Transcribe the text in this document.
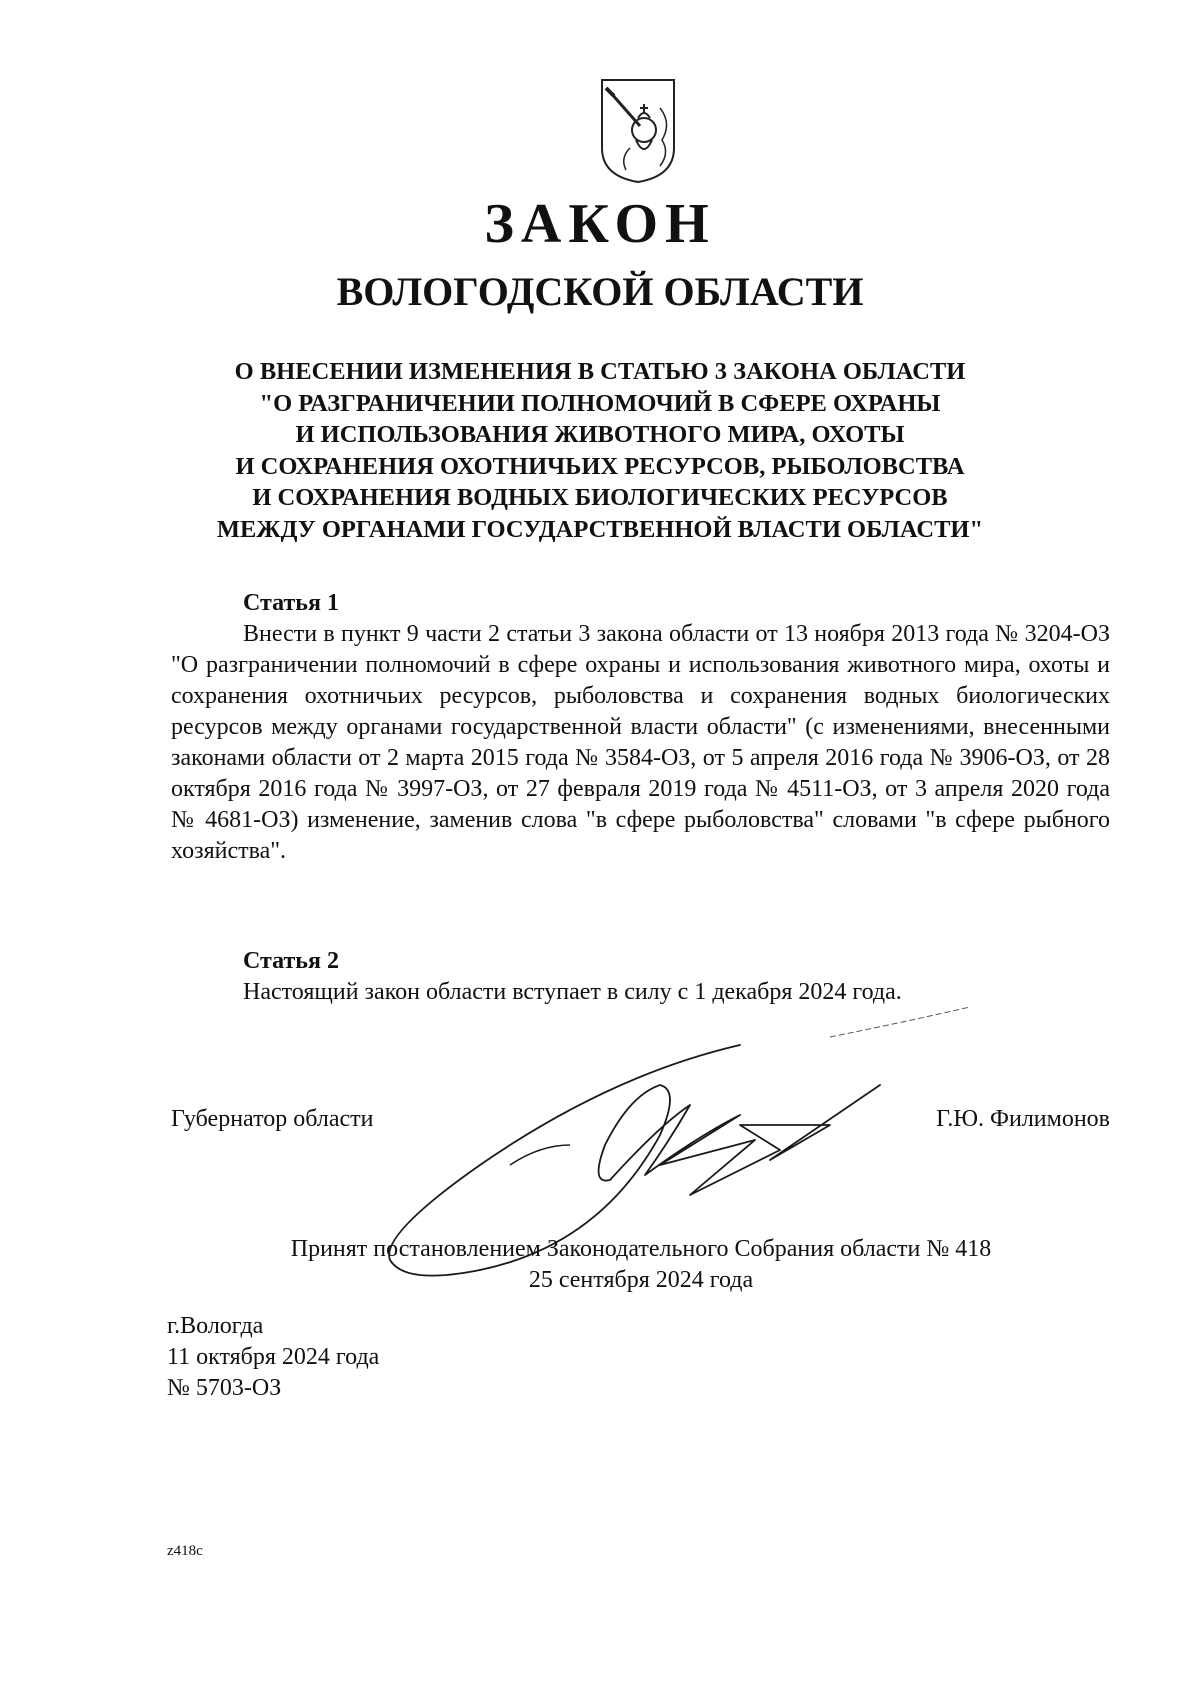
ЗАКОН
ВОЛОГОДСКОЙ ОБЛАСТИ
О ВНЕСЕНИИ ИЗМЕНЕНИЯ В СТАТЬЮ 3 ЗАКОНА ОБЛАСТИ
"О РАЗГРАНИЧЕНИИ ПОЛНОМОЧИЙ В СФЕРЕ ОХРАНЫ
И ИСПОЛЬЗОВАНИЯ ЖИВОТНОГО МИРА, ОХОТЫ
И СОХРАНЕНИЯ ОХОТНИЧЬИХ РЕСУРСОВ, РЫБОЛОВСТВА
И СОХРАНЕНИЯ ВОДНЫХ БИОЛОГИЧЕСКИХ РЕСУРСОВ
МЕЖДУ ОРГАНАМИ ГОСУДАРСТВЕННОЙ ВЛАСТИ ОБЛАСТИ"
Статья 1
Внести в пункт 9 части 2 статьи 3 закона области от 13 ноября 2013 года № 3204-ОЗ "О разграничении полномочий в сфере охраны и использования животного мира, охоты и сохранения охотничьих ресурсов, рыболовства и сохранения водных биологических ресурсов между органами государственной власти области" (с изменениями, внесенными законами области от 2 марта 2015 года № 3584-ОЗ, от 5 апреля 2016 года № 3906-ОЗ, от 28 октября 2016 года № 3997-ОЗ, от 27 февраля 2019 года № 4511-ОЗ, от 3 апреля 2020 года № 4681-ОЗ) изменение, заменив слова "в сфере рыболовства" словами "в сфере рыбного хозяйства".
Статья 2
Настоящий закон области вступает в силу с 1 декабря 2024 года.
Губернатор области	Г.Ю. Филимонов
Принят постановлением Законодательного Собрания области № 418
25 сентября 2024 года
г.Вологда
11 октября 2024 года
№ 5703-ОЗ
z418c
